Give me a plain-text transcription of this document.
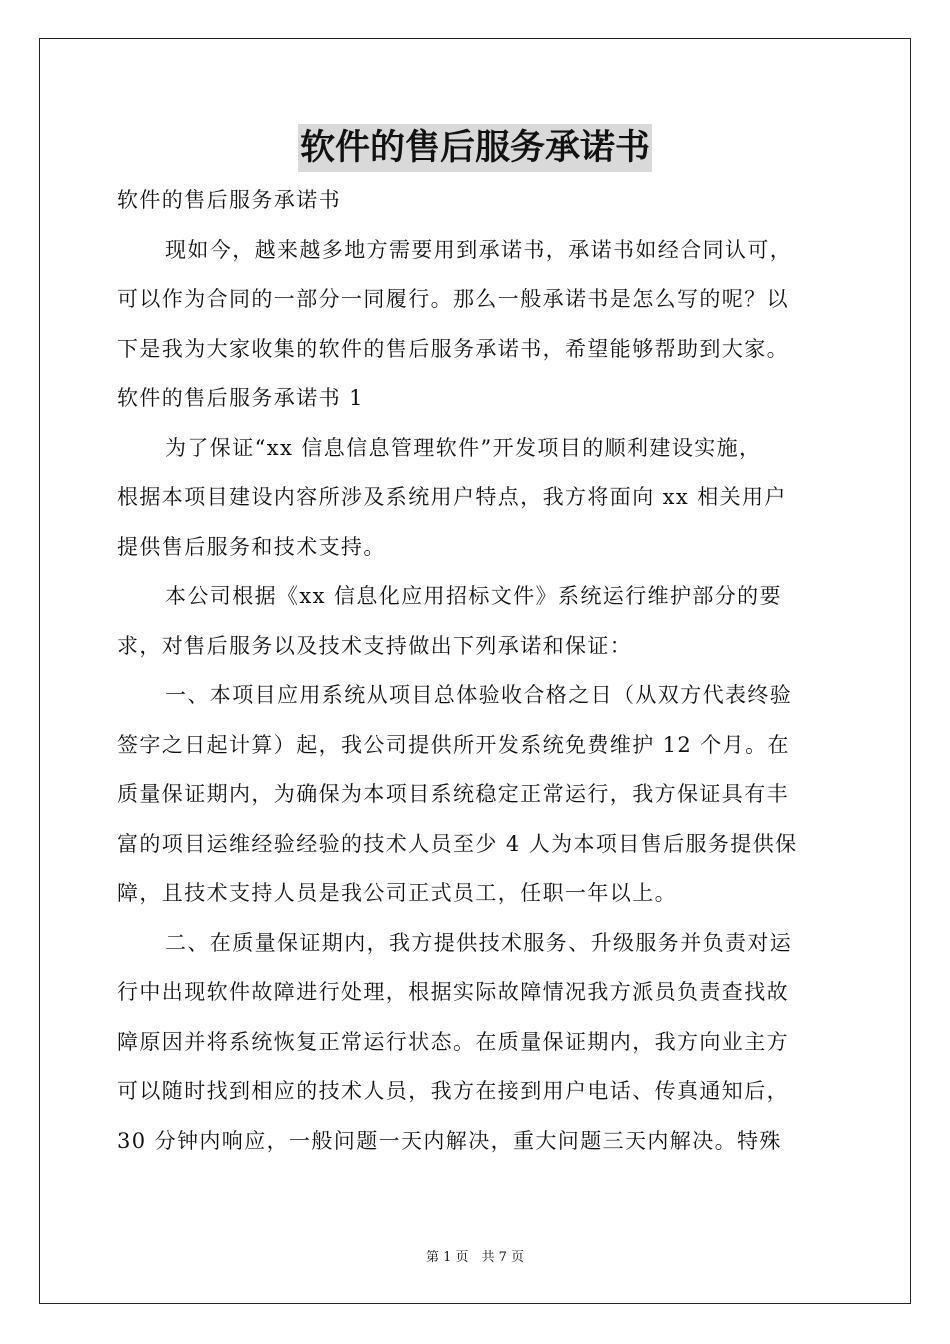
软件的售后服务承诺书

软件的售后服务承诺书

现如今，越来越多地方需要用到承诺书，承诺书如经合同认可，
可以作为合同的一部分一同履行。那么一般承诺书是怎么写的呢？以
下是我为大家收集的软件的售后服务承诺书，希望能够帮助到大家。

软件的售后服务承诺书 1

为了保证“xx 信息信息管理软件”开发项目的顺利建设实施，
根据本项目建设内容所涉及系统用户特点，我方将面向 xx 相关用户
提供售后服务和技术支持。

本公司根据《xx 信息化应用招标文件》系统运行维护部分的要
求，对售后服务以及技术支持做出下列承诺和保证：

一、本项目应用系统从项目总体验收合格之日（从双方代表终验
签字之日起计算）起，我公司提供所开发系统免费维护 12 个月。在
质量保证期内，为确保为本项目系统稳定正常运行，我方保证具有丰
富的项目运维经验经验的技术人员至少 4 人为本项目售后服务提供保
障，且技术支持人员是我公司正式员工，任职一年以上。

二、在质量保证期内，我方提供技术服务、升级服务并负责对运
行中出现软件故障进行处理，根据实际故障情况我方派员负责查找故
障原因并将系统恢复正常运行状态。在质量保证期内，我方向业主方
可以随时找到相应的技术人员，我方在接到用户电话、传真通知后，
30 分钟内响应，一般问题一天内解决，重大问题三天内解决。特殊

第 1 页　共 7 页
